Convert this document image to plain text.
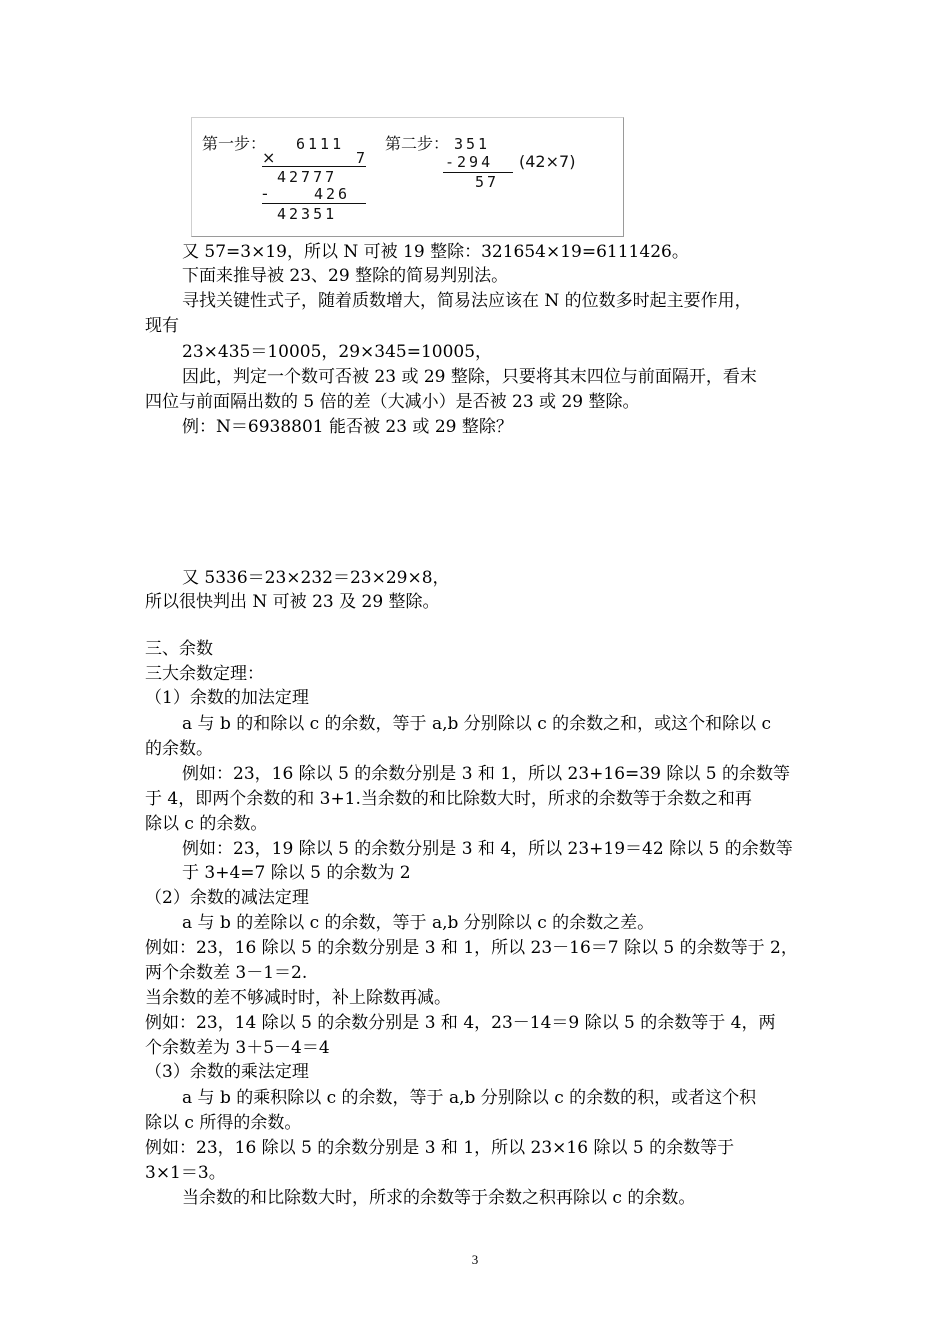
第一步： 6111
×	7
42777
-	426
42351
第二步： 351
-294 (42×7)
57
又 57=3×19，所以 N 可被 19 整除：321654×19=6111426。
下面来推导被 23、29 整除的简易判别法。
寻找关键性式子，随着质数增大，简易法应该在 N 的位数多时起主要作用，
现有
23×435＝10005，29×345=10005，
因此，判定一个数可否被 23 或 29 整除，只要将其末四位与前面隔开，看末
四位与前面隔出数的 5 倍的差（大减小）是否被 23 或 29 整除。
例：N＝6938801 能否被 23 或 29 整除？
又 5336＝23×232＝23×29×8，
所以很快判出 N 可被 23 及 29 整除。
三、余数
三大余数定理：
（1）余数的加法定理
a 与 b 的和除以 c 的余数，等于 a,b 分别除以 c 的余数之和，或这个和除以 c
的余数。
例如：23，16 除以 5 的余数分别是 3 和 1，所以 23+16=39 除以 5 的余数等
于 4，即两个余数的和 3+1.当余数的和比除数大时，所求的余数等于余数之和再
除以 c 的余数。
例如：23，19 除以 5 的余数分别是 3 和 4，所以 23+19＝42 除以 5 的余数等
于 3+4=7 除以 5 的余数为 2
（2）余数的减法定理
a 与 b 的差除以 c 的余数，等于 a,b 分别除以 c 的余数之差。
例如：23，16 除以 5 的余数分别是 3 和 1，所以 23－16＝7 除以 5 的余数等于 2，
两个余数差 3－1＝2.
当余数的差不够减时时，补上除数再减。
例如：23，14 除以 5 的余数分别是 3 和 4，23－14＝9 除以 5 的余数等于 4，两
个余数差为 3＋5－4＝4
（3）余数的乘法定理
a 与 b 的乘积除以 c 的余数，等于 a,b 分别除以 c 的余数的积，或者这个积
除以 c 所得的余数。
例如：23，16 除以 5 的余数分别是 3 和 1，所以 23×16 除以 5 的余数等于
3×1＝3。
当余数的和比除数大时，所求的余数等于余数之积再除以 c 的余数。
3
